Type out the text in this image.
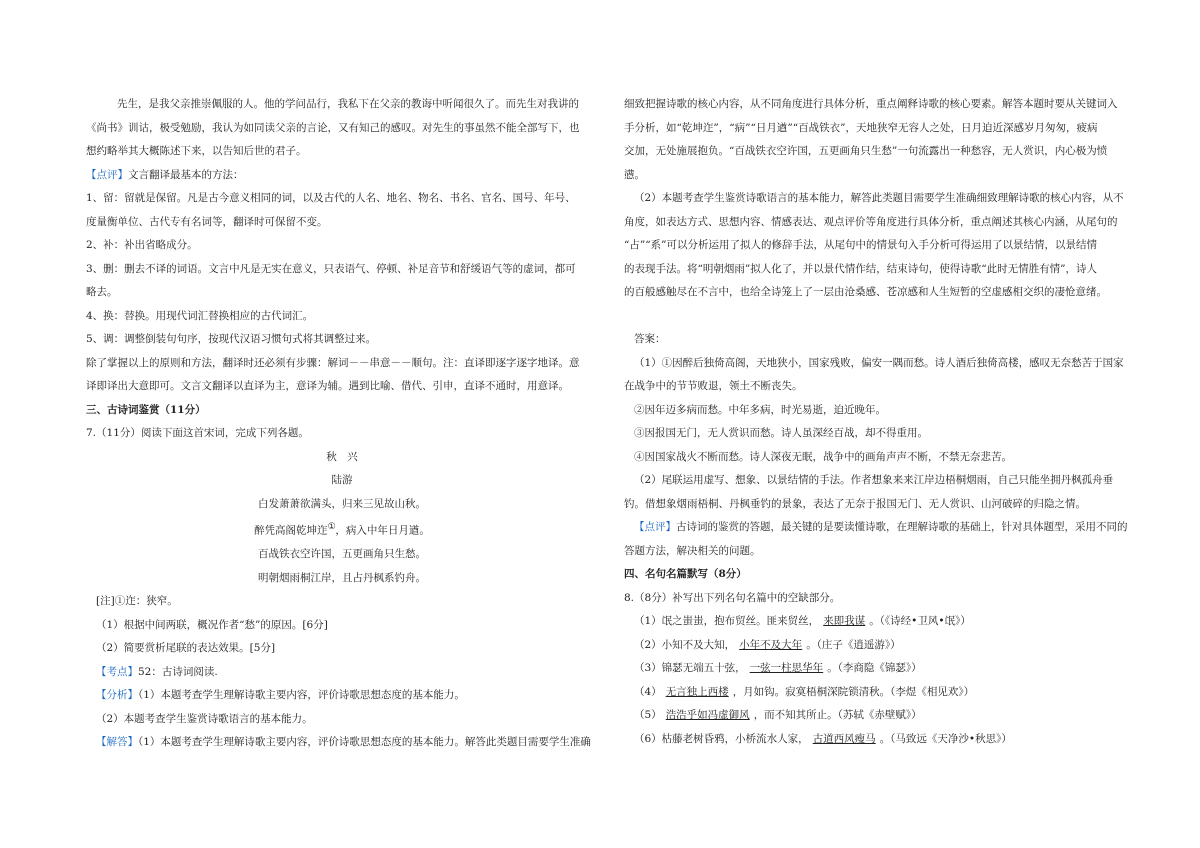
先生，是我父亲推崇佩服的人。他的学问品行，我私下在父亲的教诲中听闻很久了。而先生对我讲的

《尚书》训诂，极受勉励，我认为如同读父亲的言论，又有知己的感叹。对先生的事虽然不能全部写下，也

想约略举其大概陈述下来，以告知后世的君子。

【点评】文言翻译最基本的方法：

1、留：留就是保留。凡是古今意义相同的词，以及古代的人名、地名、物名、书名、官名、国号、年号、

度量衡单位、古代专有名词等，翻译时可保留不变。

2、补：补出省略成分。

3、删：删去不译的词语。文言中凡是无实在意义，只表语气、停顿、补足音节和舒缓语气等的虚词，都可

略去。

4、换：替换。用现代词汇替换相应的古代词汇。

5、调：调整倒装句句序，按现代汉语习惯句式将其调整过来。

除了掌握以上的原则和方法，翻译时还必须有步骤：解词－－串意－－顺句。注：直译即逐字逐字地译。意

译即译出大意即可。文言文翻译以直译为主，意译为辅。遇到比喻、借代、引申，直译不通时，用意译。

三、古诗词鉴赏（11分）

7.（11分）阅读下面这首宋词，完成下列各题。

秋　兴

陆游

白发萧萧欲满头，归来三见故山秋。

醉凭高阁乾坤迮①，病入中年日月遒。

百战铁衣空许国，五更画角只生愁。

明朝烟雨桐江岸，且占丹枫系钓舟。

[注]①迮：狭窄。

（1）根据中间两联，概况作者“愁”的原因。[6分]

（2）简要赏析尾联的表达效果。[5分]

【考点】52：古诗词阅读.

【分析】（1）本题考查学生理解诗歌主要内容，评价诗歌思想态度的基本能力。

（2）本题考查学生鉴赏诗歌语言的基本能力。

【解答】（1）本题考查学生理解诗歌主要内容，评价诗歌思想态度的基本能力。解答此类题目需要学生准确

细致把握诗歌的核心内容，从不同角度进行具体分析，重点阐释诗歌的核心要素。解答本题时要从关键词入

手分析，如“乾坤迮”，“病”“日月遒”“百战铁衣”，天地狭窄无容人之处，日月迫近深感岁月匆匆，疲病

交加，无处施展抱负。“百战铁衣空许国，五更画角只生愁”一句流露出一种愁容，无人赏识，内心极为愤

懑。

（2）本题考查学生鉴赏诗歌语言的基本能力，解答此类题目需要学生准确细致理解诗歌的核心内容，从不

角度，如表达方式、思想内容、情感表达、观点评价等角度进行具体分析，重点阐述其核心内涵，从尾句的

“占”“系”可以分析运用了拟人的修辞手法，从尾句中的情景句入手分析可得运用了以景结情，以景结情

的表现手法。将“明朝烟雨”拟人化了，并以景代情作结，结束诗句，使得诗歌“此时无情胜有情”，诗人

的百般感触尽在不言中，也给全诗笼上了一层由沧桑感、苍凉感和人生短暂的空虚感相交织的凄怆意绪。

答案：

（1）①因醉后独倚高阁，天地狭小，国家残败，偏安一隅而愁。诗人酒后独倚高楼，感叹无奈愁苦于国家

在战争中的节节败退，领土不断丧失。

②因年迈多病而愁。中年多病，时光易逝，迫近晚年。

③因报国无门，无人赏识而愁。诗人虽深经百战，却不得重用。

④因国家战火不断而愁。诗人深夜无眠，战争中的画角声声不断，不禁无奈悲苦。

（2）尾联运用虚写、想象、以景结情的手法。作者想象来来江岸边梧桐烟雨，自己只能坐拥丹枫孤舟垂

钓。借想象烟雨梧桐、丹枫垂钓的景象，表达了无奈于报国无门、无人赏识、山河破碎的归隐之情。

【点评】古诗词的鉴赏的答题，最关键的是要读懂诗歌，在理解诗歌的基础上，针对具体题型，采用不同的

答题方法，解决相关的问题。

四、名句名篇默写（8分）

8.（8分）补写出下列名句名篇中的空缺部分。

（1）氓之蚩蚩，抱布贸丝。匪来贸丝， 来即我谋 。（《诗经•卫风•氓》）

（2）小知不及大知， 小年不及大年 。（庄子《逍遥游》）

（3）锦瑟无端五十弦， 一弦一柱思华年 。（李商隐《锦瑟》）

（4） 无言独上西楼 ，月如钩。寂寞梧桐深院锁清秋。（李煜《相见欢》）

（5） 浩浩乎如冯虚御风 ，而不知其所止。（苏轼《赤壁赋》）

（6）枯藤老树昏鸦，小桥流水人家， 古道西风瘦马 。（马致远《天净沙•秋思》）
